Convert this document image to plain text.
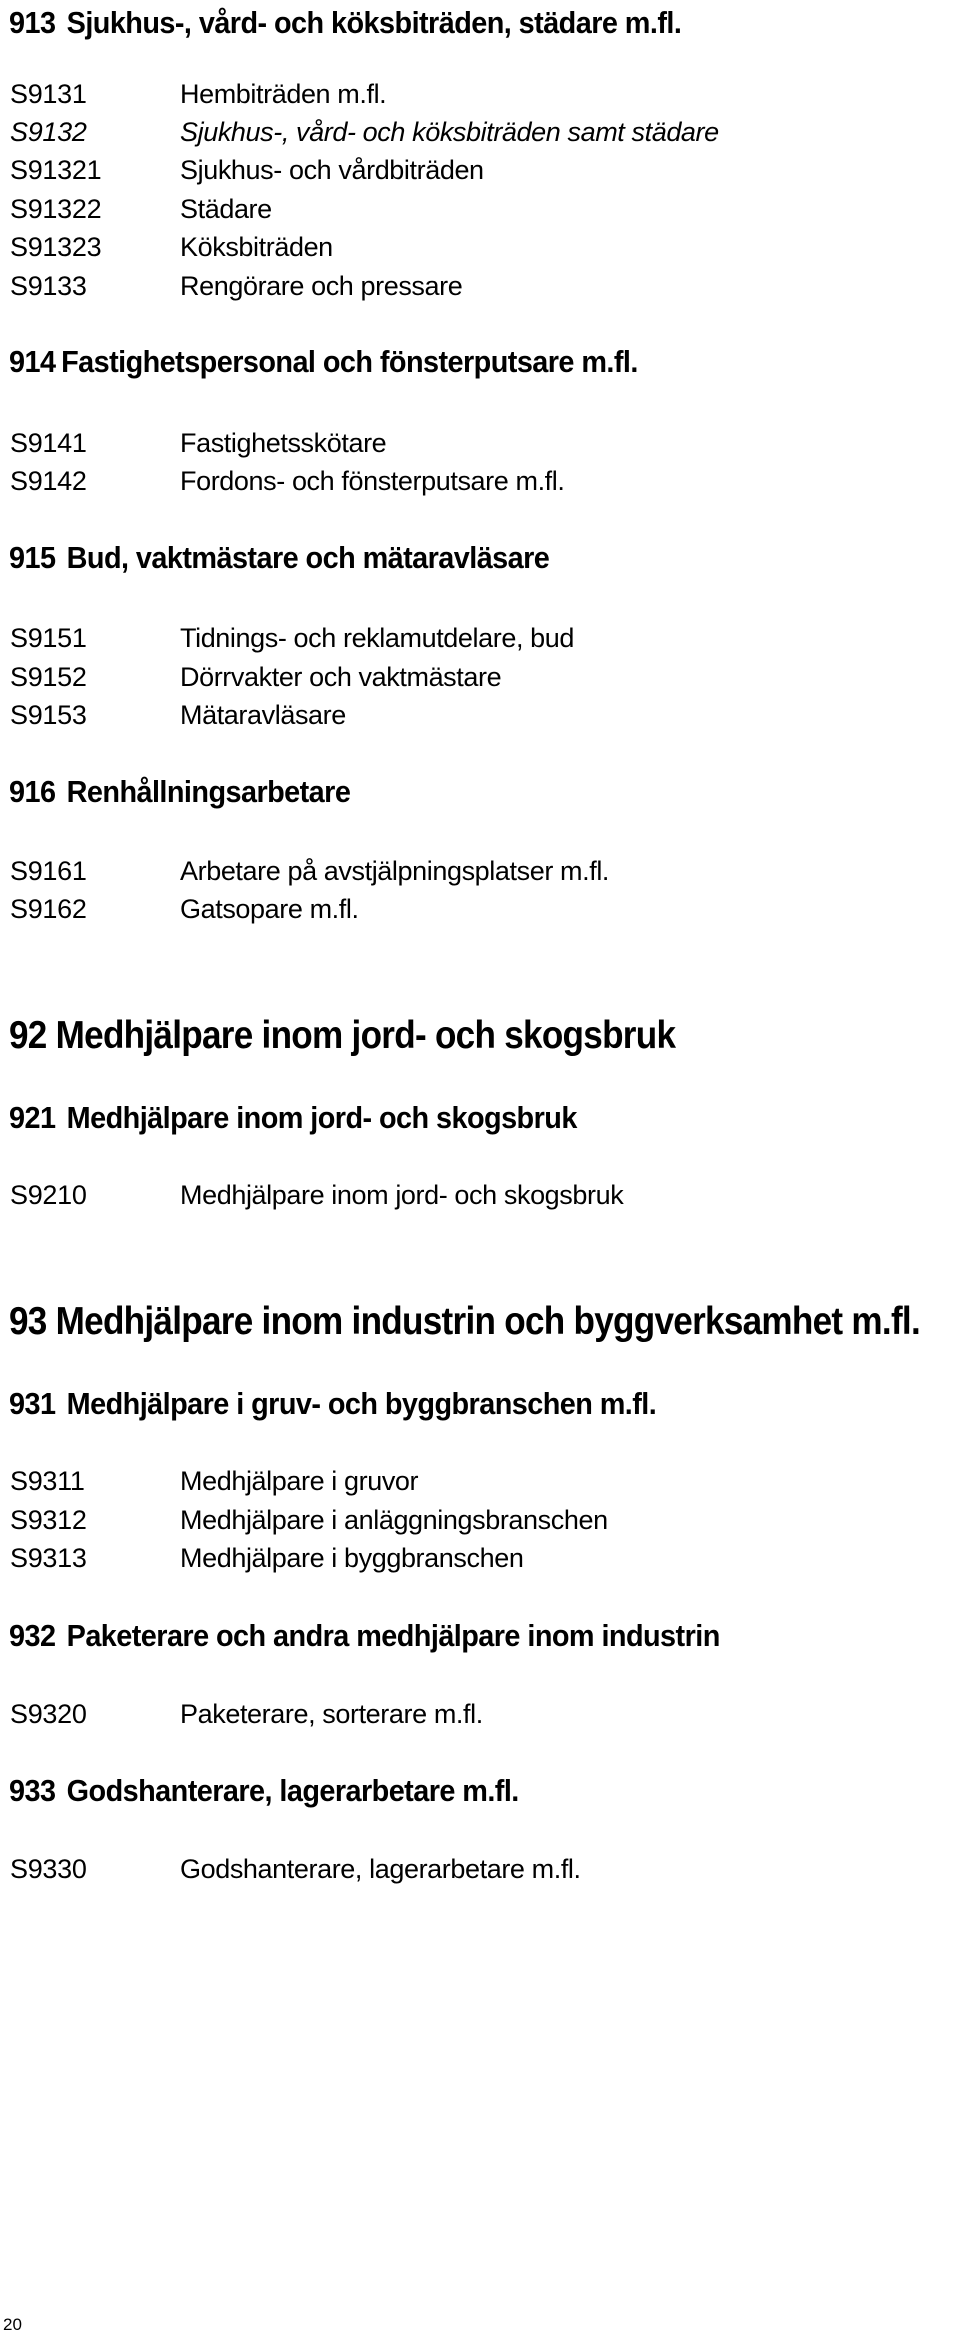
913 Sjukhus-, vård- och köksbiträden, städare m.fl.
S9131	Hembiträden m.fl.
S9132	Sjukhus-, vård- och köksbiträden samt städare
S91321	Sjukhus- och vårdbiträden
S91322	Städare
S91323	Köksbiträden
S9133	Rengörare och pressare
914 Fastighetspersonal och fönsterputsare m.fl.
S9141	Fastighetsskötare
S9142	Fordons- och fönsterputsare m.fl.
915 Bud, vaktmästare och mätaravläsare
S9151	Tidnings- och reklamutdelare, bud
S9152	Dörrvakter och vaktmästare
S9153	Mätaravläsare
916 Renhållningsarbetare
S9161	Arbetare på avstjälpningsplatser m.fl.
S9162	Gatsopare m.fl.
92 Medhjälpare inom jord- och skogsbruk
921 Medhjälpare inom jord- och skogsbruk
S9210	Medhjälpare inom jord- och skogsbruk
93 Medhjälpare inom industrin och byggverksamhet m.fl.
931 Medhjälpare i gruv- och byggbranschen m.fl.
S9311	Medhjälpare i gruvor
S9312	Medhjälpare i anläggningsbranschen
S9313	Medhjälpare i byggbranschen
932 Paketerare och andra medhjälpare inom industrin
S9320	Paketerare, sorterare m.fl.
933 Godshanterare, lagerarbetare m.fl.
S9330	Godshanterare, lagerarbetare m.fl.
20
